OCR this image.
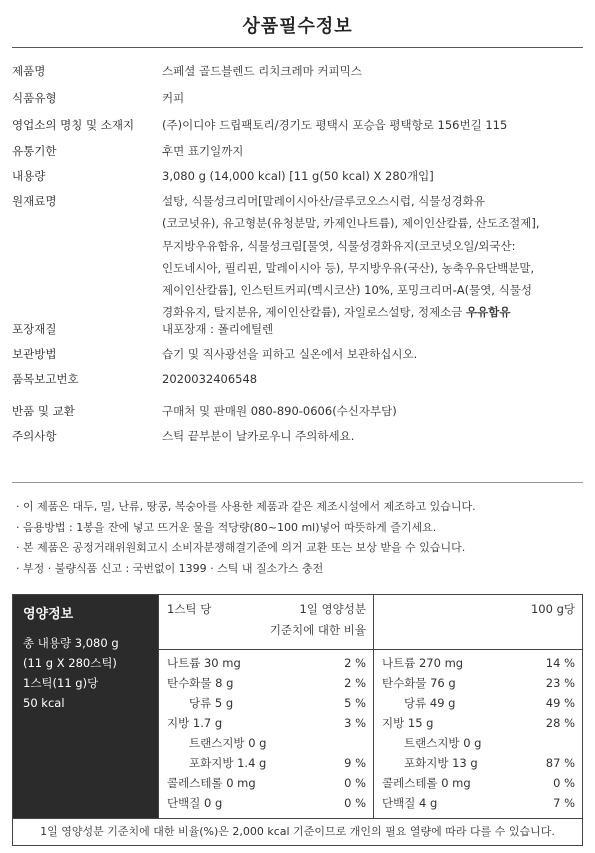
상품필수정보
제품명	스페셜 골드블렌드 리치크레마 커피믹스
식품유형	커피
영업소의 명칭 및 소재지	(주)이디야 드립팩토리/경기도 평택시 포승읍 평택항로 156번길 115
유통기한	후면 표기일까지
내용량	3,080 g (14,000 kcal) [11 g(50 kcal) X 280개입]
원재료명	설탕, 식물성크리머[말레이시아산/글루코오스시럽, 식물성경화유
(코코넛유), 유고형분(유청분말, 카제인나트륨), 제이인산칼륨, 산도조절제],
무지방우유함유, 식물성크림[물엿, 식물성경화유지(코코넛오일/외국산:
인도네시아, 필리핀, 말레이시아 등), 무지방우유(국산), 농축우유단백분말,
제이인산칼륨], 인스턴트커피(멕시코산) 10%, 포밍크리머-A(물엿, 식물성
경화유지, 탈지분유, 제이인산칼륨), 자일로스설탕, 정제소금 우유함유
포장재질	내포장재 : 폴리에틸렌
보관방법	습기 및 직사광선을 피하고 실온에서 보관하십시오.
품목보고번호	2020032406548
반품 및 교환	구매처 및 판매원 080-890-0606(수신자부담)
주의사항	스틱 끝부분이 날카로우니 주의하세요.
· 이 제품은 대두, 밀, 난류, 땅콩, 복숭아를 사용한 제품과 같은 제조시설에서 제조하고 있습니다.
· 음용방법 : 1봉을 잔에 넣고 뜨거운 물을 적당량(80~100 ml)넣어 따뜻하게 즐기세요.
· 본 제품은 공정거래위원회고시 소비자분쟁해결기준에 의거 교환 또는 보상 받을 수 있습니다.
· 부정 · 불량식품 신고 : 국번없이 1399 · 스틱 내 질소가스 충전
영양정보
총 내용량 3,080 g
(11 g X 280스틱)
1스틱(11 g)당
50 kcal
1스틱 당	1일 영양성분
기준치에 대한 비율
나트륨 30 mg	2 %
탄수화물 8 g	2 %
당류 5 g	5 %
지방 1.7 g	3 %
트랜스지방 0 g
포화지방 1.4 g	9 %
콜레스테롤 0 mg	0 %
단백질 0 g	0 %
100 g당
나트륨 270 mg	14 %
탄수화물 76 g	23 %
당류 49 g	49 %
지방 15 g	28 %
트랜스지방 0 g
포화지방 13 g	87 %
콜레스테롤 0 mg	0 %
단백질 4 g	7 %
1일 영양성분 기준치에 대한 비율(%)은 2,000 kcal 기준이므로 개인의 필요 열량에 따라 다를 수 있습니다.
